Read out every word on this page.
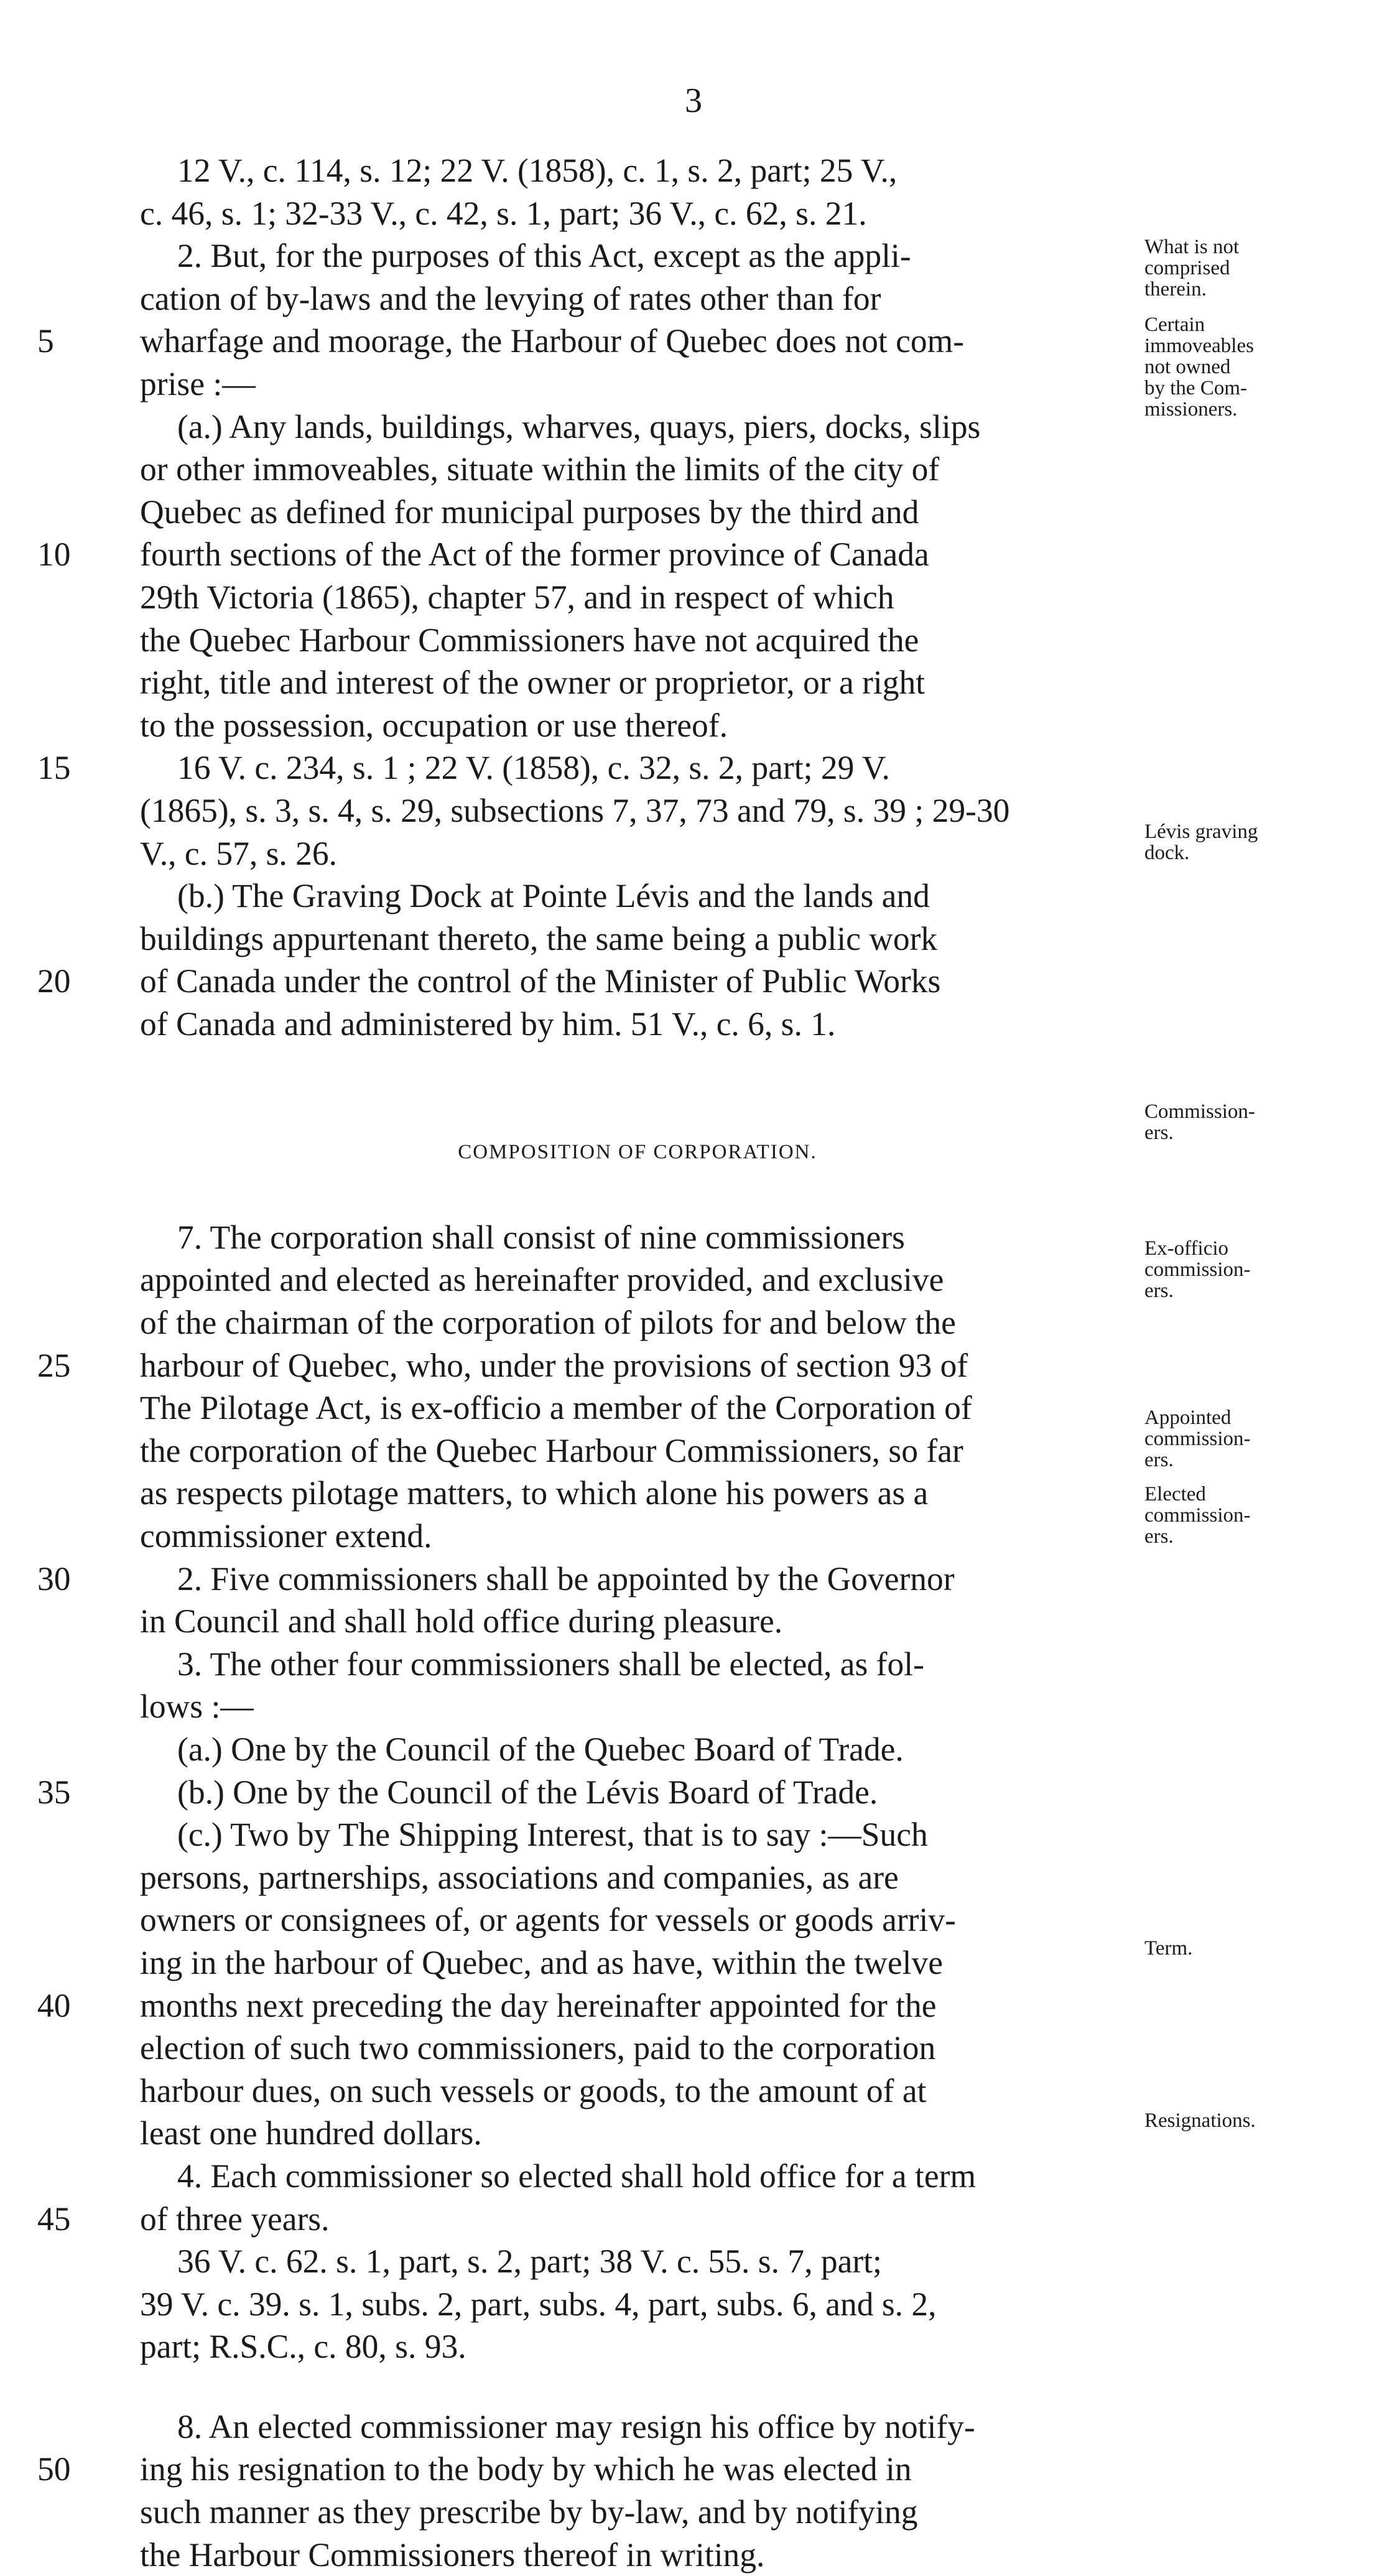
3
12 V., c. 114, s. 12; 22 V. (1858), c. 1, s. 2, part; 25 V.,
c. 46, s. 1; 32-33 V., c. 42, s. 1, part; 36 V., c. 62, s. 21.
2. But, for the purposes of this Act, except as the appli-
cation of by-laws and the levying of rates other than for
5	wharfage and moorage, the Harbour of Quebec does not com-
prise :—
(a.) Any lands, buildings, wharves, quays, piers, docks, slips
or other immoveables, situate within the limits of the city of
Quebec as defined for municipal purposes by the third and
10	fourth sections of the Act of the former province of Canada
29th Victoria (1865), chapter 57, and in respect of which
the Quebec Harbour Commissioners have not acquired the
right, title and interest of the owner or proprietor, or a right
to the possession, occupation or use thereof.
15	16 V. c. 234, s. 1 ; 22 V. (1858), c. 32, s. 2, part; 29 V.
(1865), s. 3, s. 4, s. 29, subsections 7, 37, 73 and 79, s. 39 ; 29-30
V., c. 57, s. 26.
(b.) The Graving Dock at Pointe Lévis and the lands and
buildings appurtenant thereto, the same being a public work
20	of Canada under the control of the Minister of Public Works
of Canada and administered by him. 51 V., c. 6, s. 1.
COMPOSITION OF CORPORATION.
7. The corporation shall consist of nine commissioners
appointed and elected as hereinafter provided, and exclusive
of the chairman of the corporation of pilots for and below the
25	harbour of Quebec, who, under the provisions of section 93 of
The Pilotage Act, is ex-officio a member of the Corporation of
the corporation of the Quebec Harbour Commissioners, so far
as respects pilotage matters, to which alone his powers as a
commissioner extend.
30	2. Five commissioners shall be appointed by the Governor
in Council and shall hold office during pleasure.
3. The other four commissioners shall be elected, as fol-
lows :—
(a.) One by the Council of the Quebec Board of Trade.
35	(b.) One by the Council of the Lévis Board of Trade.
(c.) Two by The Shipping Interest, that is to say :—Such
persons, partnerships, associations and companies, as are
owners or consignees of, or agents for vessels or goods arriv-
ing in the harbour of Quebec, and as have, within the twelve
40	months next preceding the day hereinafter appointed for the
election of such two commissioners, paid to the corporation
harbour dues, on such vessels or goods, to the amount of at
least one hundred dollars.
4. Each commissioner so elected shall hold office for a term
45	of three years.
36 V. c. 62. s. 1, part, s. 2, part; 38 V. c. 55. s. 7, part;
39 V. c. 39. s. 1, subs. 2, part, subs. 4, part, subs. 6, and s. 2,
part; R.S.C., c. 80, s. 93.
8. An elected commissioner may resign his office by notify-
50	ing his resignation to the body by which he was elected in
such manner as they prescribe by by-law, and by notifying
the Harbour Commissioners thereof in writing.
What is not
comprised
therein.
Certain
immoveables
not owned
by the Com-
missioners.
Lévis graving
dock.
Commission-
ers.
Ex-officio
commission-
ers.
Appointed
commission-
ers.
Elected
commission-
ers.
Term.
Resignations.
